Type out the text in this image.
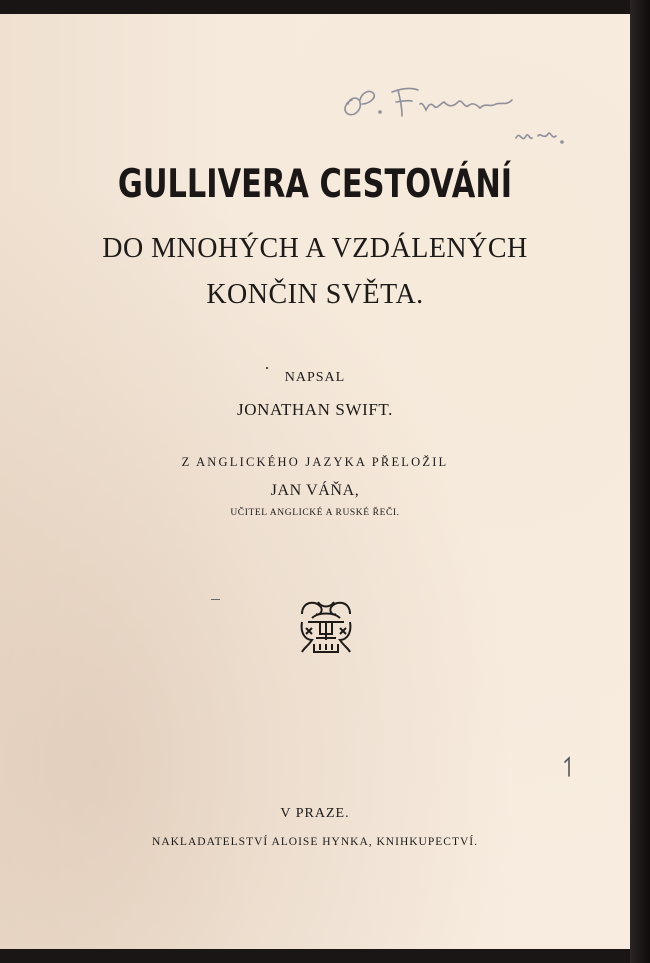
GULLIVERA CESTOVÁNÍ
DO MNOHÝCH A VZDÁLENÝCH
KONČIN SVĚTA.
NAPSAL
JONATHAN SWIFT.
Z ANGLICKÉHO JAZYKA PŘELOŽIL
JAN VÁŇA,
UČITEL ANGLICKÉ A RUSKÉ ŘEČI.
V PRAZE.
NAKLADATELSTVÍ ALOISE HYNKA, KNIHKUPECTVÍ.
